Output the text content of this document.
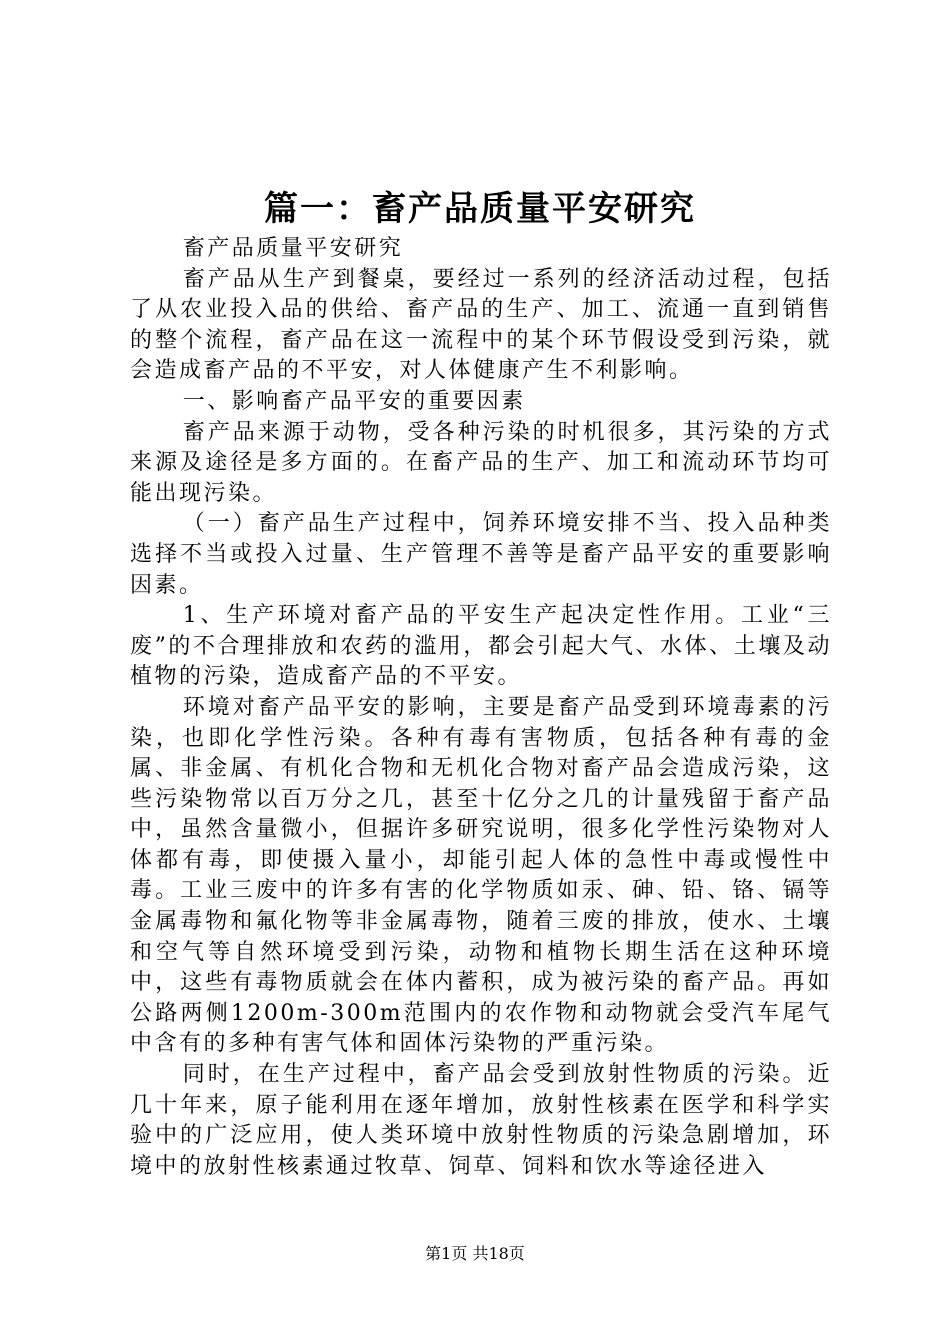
篇一：畜产品质量平安研究

畜产品质量平安研究

畜产品从生产到餐桌，要经过一系列的经济活动过程，包括了从农业投入品的供给、畜产品的生产、加工、流通一直到销售的整个流程，畜产品在这一流程中的某个环节假设受到污染，就会造成畜产品的不平安，对人体健康产生不利影响。

一、影响畜产品平安的重要因素

畜产品来源于动物，受各种污染的时机很多，其污染的方式来源及途径是多方面的。在畜产品的生产、加工和流动环节均可能出现污染。

（一）畜产品生产过程中，饲养环境安排不当、投入品种类选择不当或投入过量、生产管理不善等是畜产品平安的重要影响因素。

1、生产环境对畜产品的平安生产起决定性作用。工业“三废”的不合理排放和农药的滥用，都会引起大气、水体、土壤及动植物的污染，造成畜产品的不平安。

环境对畜产品平安的影响，主要是畜产品受到环境毒素的污染，也即化学性污染。各种有毒有害物质，包括各种有毒的金属、非金属、有机化合物和无机化合物对畜产品会造成污染，这些污染物常以百万分之几，甚至十亿分之几的计量残留于畜产品中，虽然含量微小，但据许多研究说明，很多化学性污染物对人体都有毒，即使摄入量小，却能引起人体的急性中毒或慢性中毒。工业三废中的许多有害的化学物质如汞、砷、铅、铬、镉等金属毒物和氟化物等非金属毒物，随着三废的排放，使水、土壤和空气等自然环境受到污染，动物和植物长期生活在这种环境中，这些有毒物质就会在体内蓄积，成为被污染的畜产品。再如公路两侧1200m-300m范围内的农作物和动物就会受汽车尾气中含有的多种有害气体和固体污染物的严重污染。

同时，在生产过程中，畜产品会受到放射性物质的污染。近几十年来，原子能利用在逐年增加，放射性核素在医学和科学实验中的广泛应用，使人类环境中放射性物质的污染急剧增加，环境中的放射性核素通过牧草、饲草、饲料和饮水等途径进入

第1页 共18页
